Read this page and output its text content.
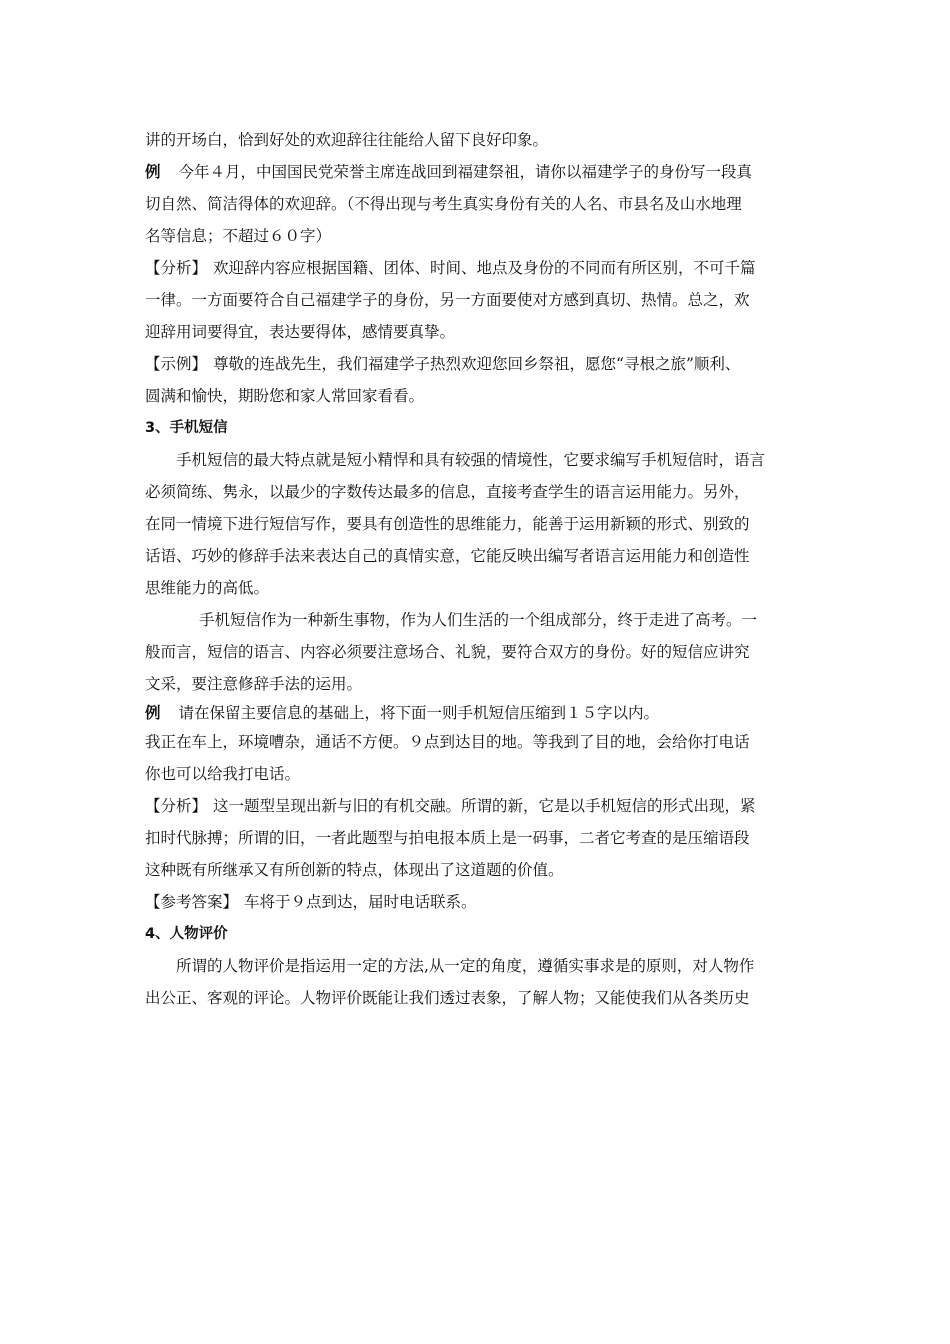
讲的开场白，恰到好处的欢迎辞往往能给人留下良好印象。
例 今年４月，中国国民党荣誉主席连战回到福建祭祖，请你以福建学子的身份写一段真
切自然、简洁得体的欢迎辞。（不得出现与考生真实身份有关的人名、市县名及山水地理
名等信息；不超过６０字）
【分析】 欢迎辞内容应根据国籍、团体、时间、地点及身份的不同而有所区别，不可千篇
一律。一方面要符合自己福建学子的身份，另一方面要使对方感到真切、热情。总之，欢
迎辞用词要得宜，表达要得体，感情要真挚。
【示例】 尊敬的连战先生，我们福建学子热烈欢迎您回乡祭祖，愿您“寻根之旅”顺利、
圆满和愉快，期盼您和家人常回家看看。
3、手机短信
手机短信的最大特点就是短小精悍和具有较强的情境性，它要求编写手机短信时，语言
必须简练、隽永，以最少的字数传达最多的信息，直接考查学生的语言运用能力。另外，
在同一情境下进行短信写作，要具有创造性的思维能力，能善于运用新颖的形式、别致的
话语、巧妙的修辞手法来表达自己的真情实意，它能反映出编写者语言运用能力和创造性
思维能力的高低。
手机短信作为一种新生事物，作为人们生活的一个组成部分，终于走进了高考。一
般而言，短信的语言、内容必须要注意场合、礼貌，要符合双方的身份。好的短信应讲究
文采，要注意修辞手法的运用。
例 请在保留主要信息的基础上，将下面一则手机短信压缩到１５字以内。
我正在车上，环境嘈杂，通话不方便。９点到达目的地。等我到了目的地，会给你打电话
你也可以给我打电话。
【分析】 这一题型呈现出新与旧的有机交融。所谓的新，它是以手机短信的形式出现，紧
扣时代脉搏；所谓的旧，一者此题型与拍电报本质上是一码事，二者它考查的是压缩语段
这种既有所继承又有所创新的特点，体现出了这道题的价值。
【参考答案】 车将于９点到达，届时电话联系。
4、人物评价
所谓的人物评价是指运用一定的方法,从一定的角度，遵循实事求是的原则，对人物作
出公正、客观的评论。人物评价既能让我们透过表象，了解人物；又能使我们从各类历史
